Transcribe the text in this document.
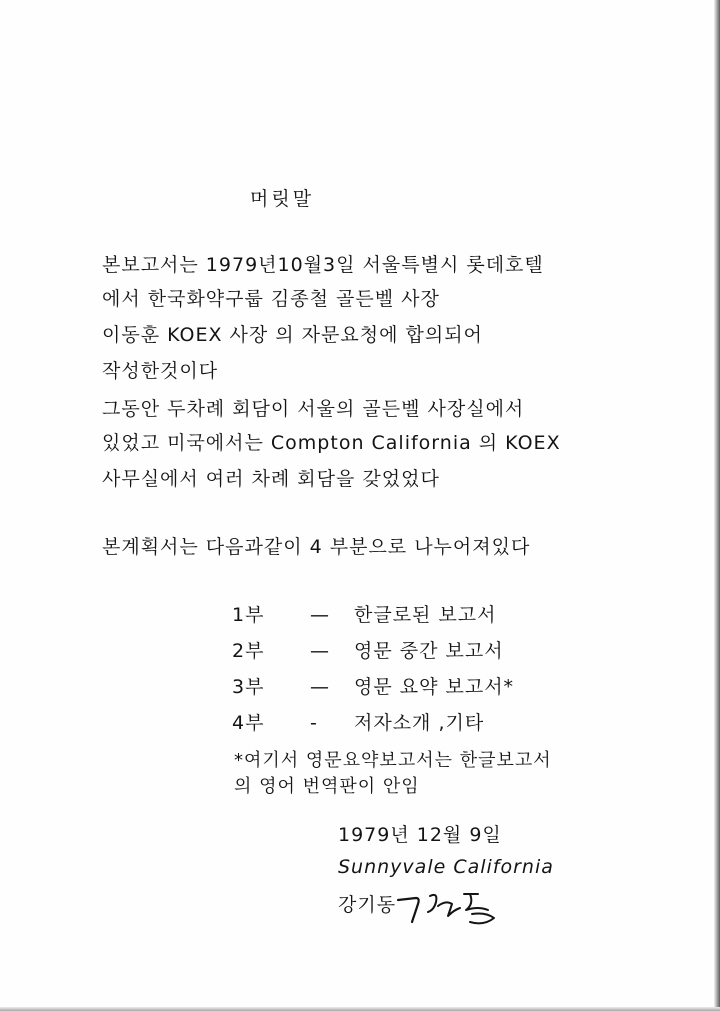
머릿말

본보고서는 1979년10월3일 서울특별시 롯데호텔

에서 한국화약구룹 김종철 골든벨 사장

이동훈 KOEX 사장 의 자문요청에 합의되어

작성한것이다

그동안 두차례 회담이 서울의 골든벨 사장실에서

있었고 미국에서는 Compton California 의 KOEX

사무실에서 여러 차례 회담을 갖었었다

본계획서는 다음과같이 4 부분으로 나누어져있다

1부 — 한글로된 보고서
2부 — 영문 중간 보고서
3부 — 영문 요약 보고서*
4부 - 저자소개 ,기타

*여기서 영문요약보고서는 한글보고서

의 영어 번역판이 안임

1979년 12월 9일

Sunnyvale California

강기동
